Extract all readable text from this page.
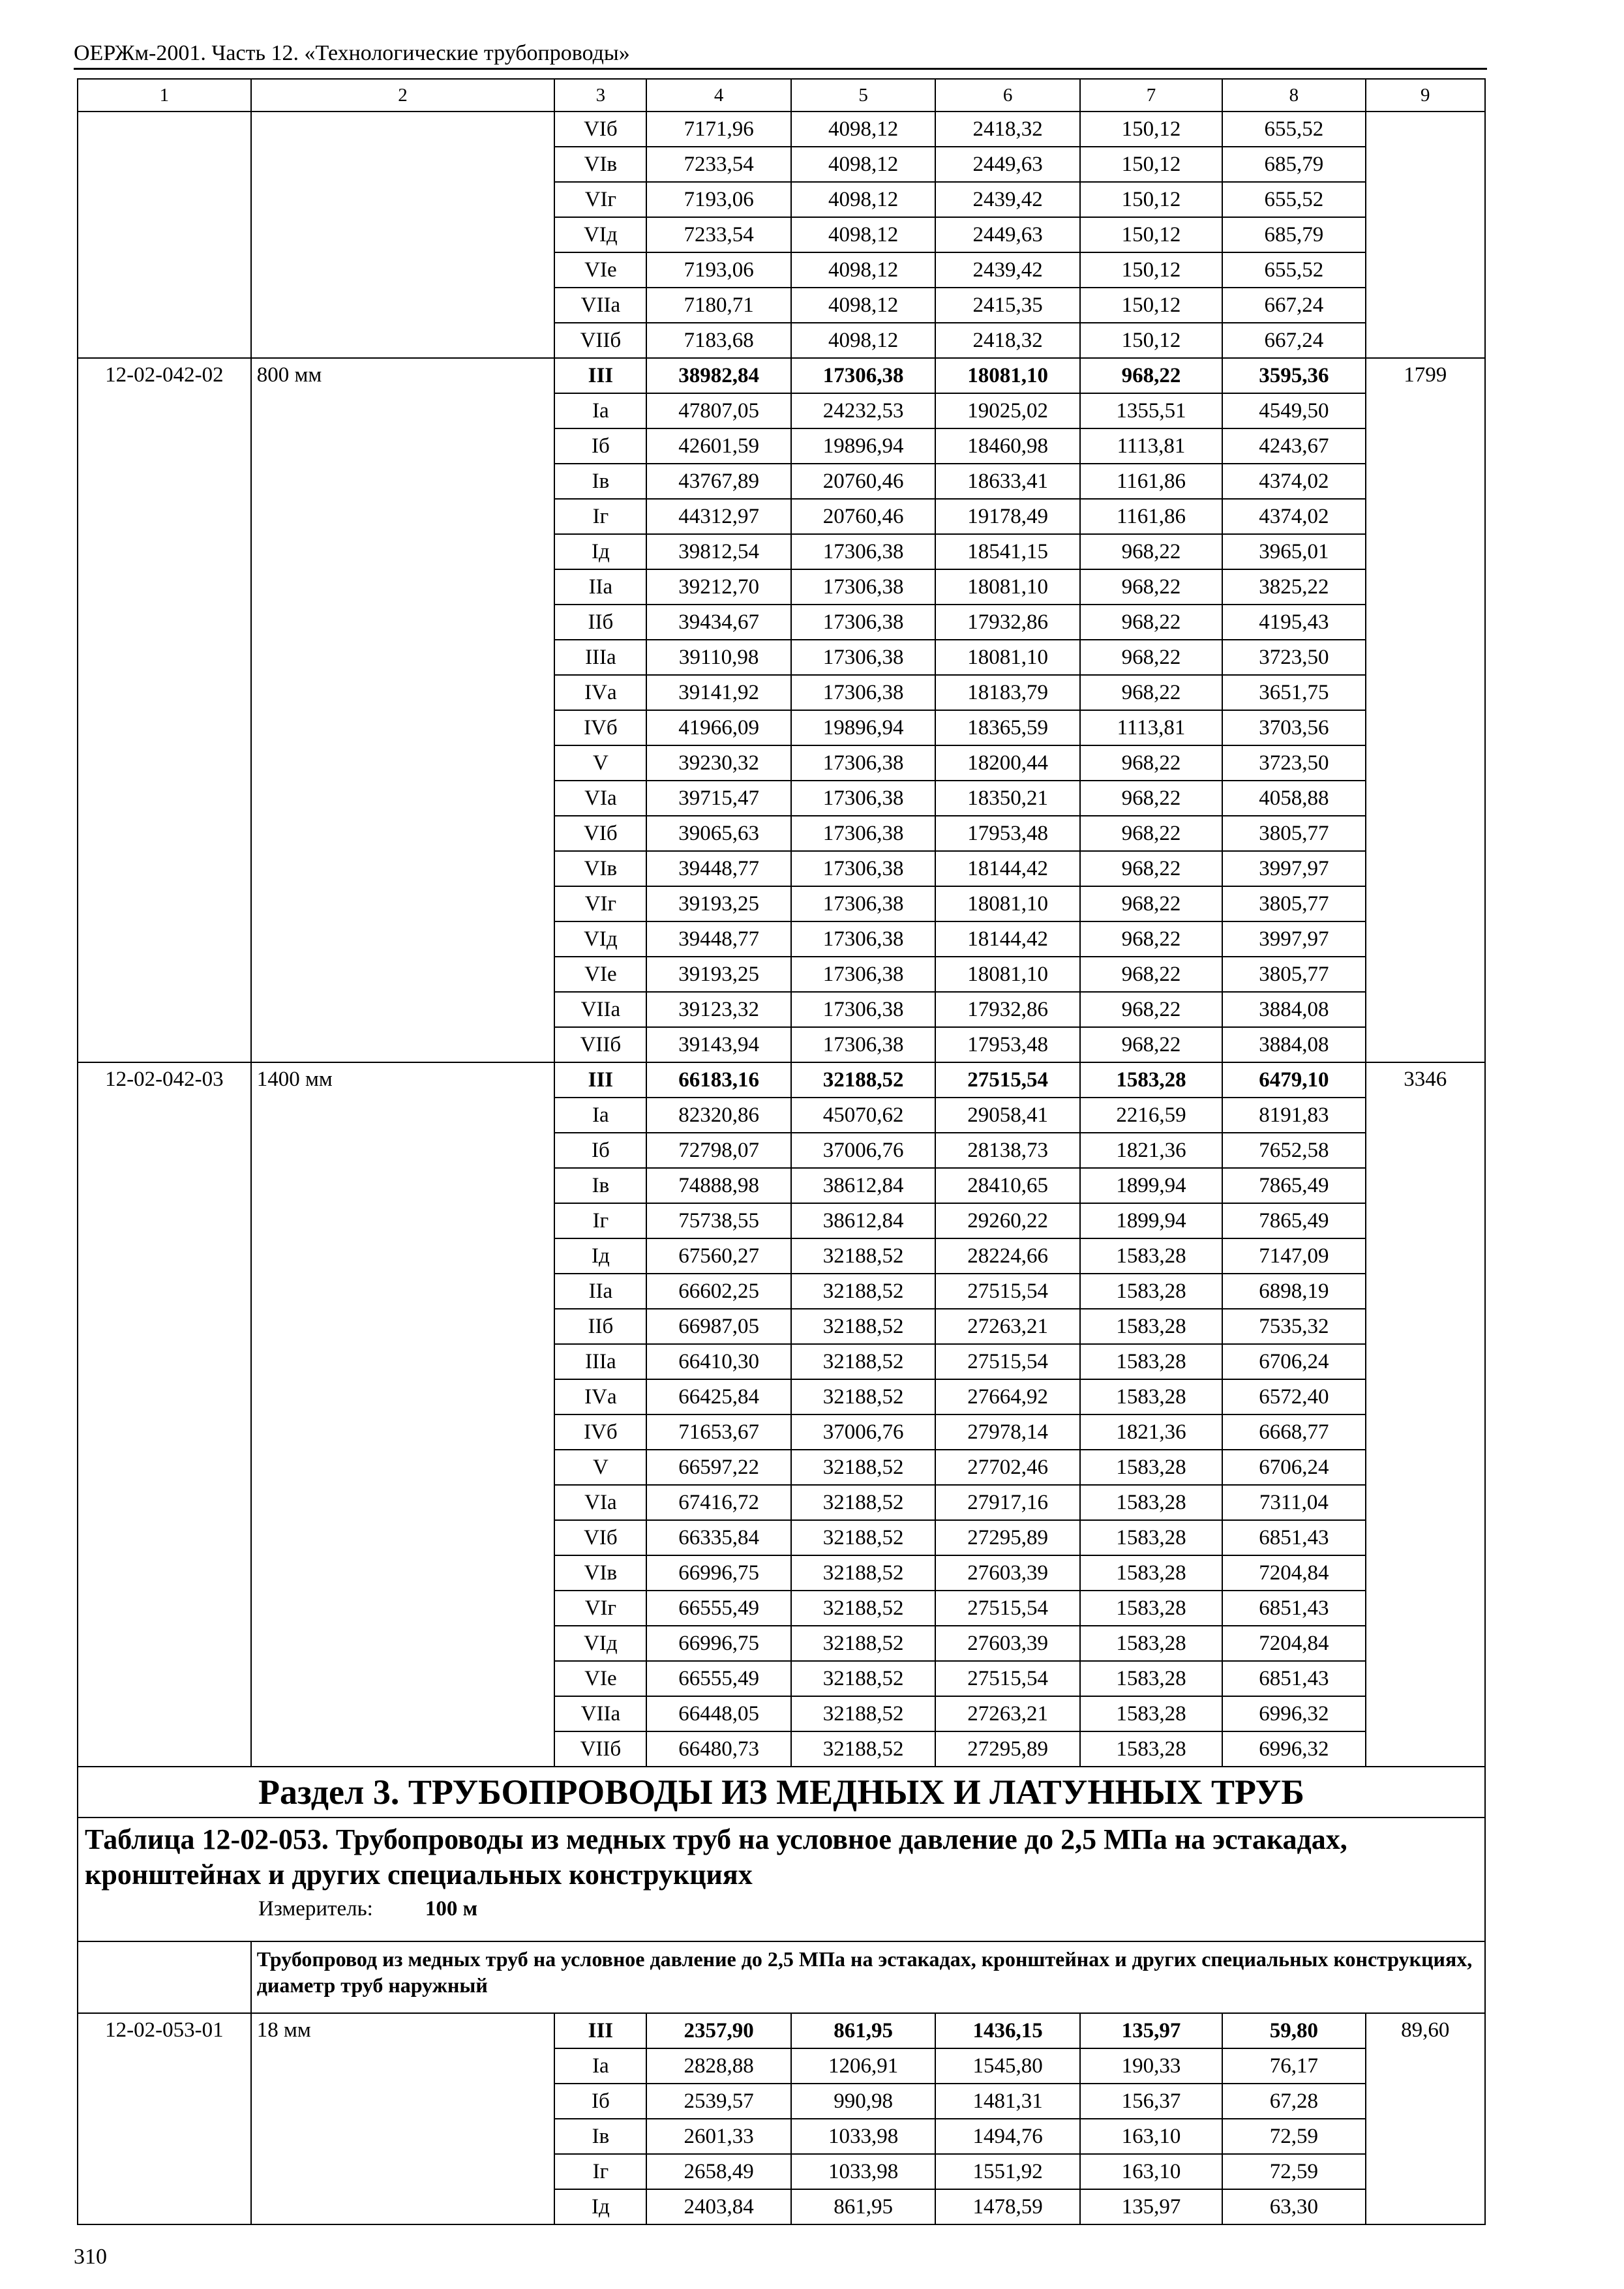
ОЕРЖм-2001. Часть 12. «Технологические трубопроводы»
1	2	3	4	5	6	7	8	9
		VIб	7171,96	4098,12	2418,32	150,12	655,52	
		VIв	7233,54	4098,12	2449,63	150,12	685,79	
		VIг	7193,06	4098,12	2439,42	150,12	655,52	
		VIд	7233,54	4098,12	2449,63	150,12	685,79	
		VIе	7193,06	4098,12	2439,42	150,12	655,52	
		VIIа	7180,71	4098,12	2415,35	150,12	667,24	
		VIIб	7183,68	4098,12	2418,32	150,12	667,24	
12-02-042-02	800 мм	III	38982,84	17306,38	18081,10	968,22	3595,36	1799
		Iа	47807,05	24232,53	19025,02	1355,51	4549,50	
		Iб	42601,59	19896,94	18460,98	1113,81	4243,67	
		Iв	43767,89	20760,46	18633,41	1161,86	4374,02	
		Iг	44312,97	20760,46	19178,49	1161,86	4374,02	
		Iд	39812,54	17306,38	18541,15	968,22	3965,01	
		IIа	39212,70	17306,38	18081,10	968,22	3825,22	
		IIб	39434,67	17306,38	17932,86	968,22	4195,43	
		IIIа	39110,98	17306,38	18081,10	968,22	3723,50	
		IVа	39141,92	17306,38	18183,79	968,22	3651,75	
		IVб	41966,09	19896,94	18365,59	1113,81	3703,56	
		V	39230,32	17306,38	18200,44	968,22	3723,50	
		VIа	39715,47	17306,38	18350,21	968,22	4058,88	
		VIб	39065,63	17306,38	17953,48	968,22	3805,77	
		VIв	39448,77	17306,38	18144,42	968,22	3997,97	
		VIг	39193,25	17306,38	18081,10	968,22	3805,77	
		VIд	39448,77	17306,38	18144,42	968,22	3997,97	
		VIе	39193,25	17306,38	18081,10	968,22	3805,77	
		VIIа	39123,32	17306,38	17932,86	968,22	3884,08	
		VIIб	39143,94	17306,38	17953,48	968,22	3884,08	
12-02-042-03	1400 мм	III	66183,16	32188,52	27515,54	1583,28	6479,10	3346
		Iа	82320,86	45070,62	29058,41	2216,59	8191,83	
		Iб	72798,07	37006,76	28138,73	1821,36	7652,58	
		Iв	74888,98	38612,84	28410,65	1899,94	7865,49	
		Iг	75738,55	38612,84	29260,22	1899,94	7865,49	
		Iд	67560,27	32188,52	28224,66	1583,28	7147,09	
		IIа	66602,25	32188,52	27515,54	1583,28	6898,19	
		IIб	66987,05	32188,52	27263,21	1583,28	7535,32	
		IIIа	66410,30	32188,52	27515,54	1583,28	6706,24	
		IVа	66425,84	32188,52	27664,92	1583,28	6572,40	
		IVб	71653,67	37006,76	27978,14	1821,36	6668,77	
		V	66597,22	32188,52	27702,46	1583,28	6706,24	
		VIа	67416,72	32188,52	27917,16	1583,28	7311,04	
		VIб	66335,84	32188,52	27295,89	1583,28	6851,43	
		VIв	66996,75	32188,52	27603,39	1583,28	7204,84	
		VIг	66555,49	32188,52	27515,54	1583,28	6851,43	
		VIд	66996,75	32188,52	27603,39	1583,28	7204,84	
		VIе	66555,49	32188,52	27515,54	1583,28	6851,43	
		VIIа	66448,05	32188,52	27263,21	1583,28	6996,32	
		VIIб	66480,73	32188,52	27295,89	1583,28	6996,32	
Раздел 3. ТРУБОПРОВОДЫ ИЗ МЕДНЫХ И ЛАТУННЫХ ТРУБ								

Таблица 12-02-053. Трубопроводы из медных труб на условное давление до 2,5 МПа на эстакадах, кронштейнах и других специальных конструкциях
Измеритель: 100 м								

	Трубопровод из медных труб на условное давление до 2,5 МПа на эстакадах, кронштейнах и других специальных конструкциях, диаметр труб наружный							
12-02-053-01	18 мм	III	2357,90	861,95	1436,15	135,97	59,80	89,60
		Iа	2828,88	1206,91	1545,80	190,33	76,17	
		Iб	2539,57	990,98	1481,31	156,37	67,28	
		Iв	2601,33	1033,98	1494,76	163,10	72,59	
		Iг	2658,49	1033,98	1551,92	163,10	72,59	
		Iд	2403,84	861,95	1478,59	135,97	63,30	
310
